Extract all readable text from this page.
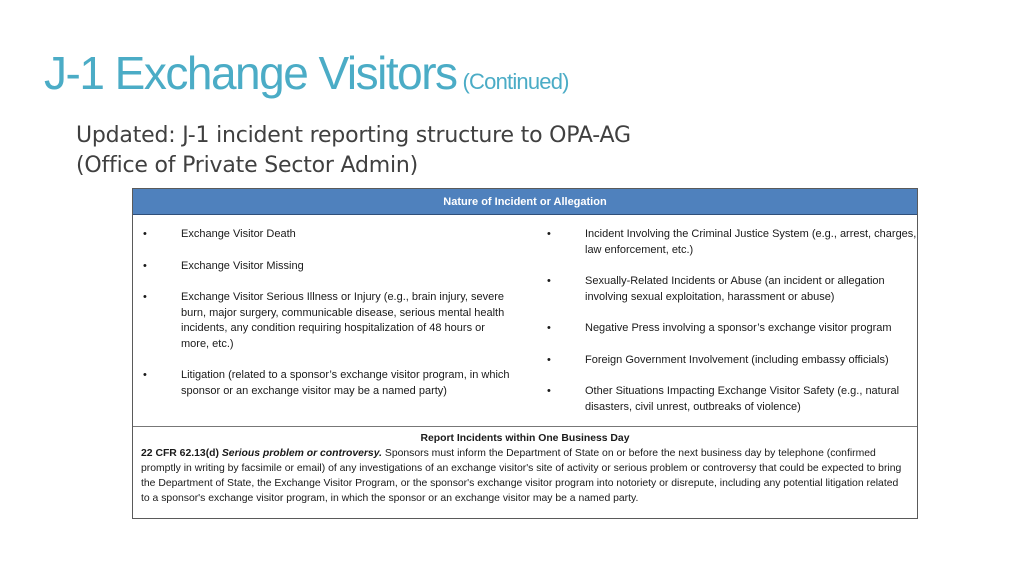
J-1 Exchange Visitors (Continued)
Updated: J-1 incident reporting structure to OPA-AG
(Office of Private Sector Admin)
Nature of Incident or Allegation
•	Exchange Visitor Death
•	Exchange Visitor Missing
•	Exchange Visitor Serious Illness or Injury (e.g., brain injury, severe burn, major surgery, communicable disease, serious mental health incidents, any condition requiring hospitalization of 48 hours or more, etc.)
•	Litigation (related to a sponsor’s exchange visitor program, in which sponsor or an exchange visitor may be a named party)
•	Incident Involving the Criminal Justice System (e.g., arrest, charges, law enforcement, etc.)
•	Sexually-Related Incidents or Abuse (an incident or allegation involving sexual exploitation, harassment or abuse)
•	Negative Press involving a sponsor’s exchange visitor program
•	Foreign Government Involvement (including embassy officials)
•	Other Situations Impacting Exchange Visitor Safety (e.g., natural disasters, civil unrest, outbreaks of violence)
Report Incidents within One Business Day

22 CFR 62.13(d) Serious problem or controversy. Sponsors must inform the Department of State on or before the next business day by telephone (confirmed promptly in writing by facsimile or email) of any investigations of an exchange visitor's site of activity or serious problem or controversy that could be expected to bring the Department of State, the Exchange Visitor Program, or the sponsor's exchange visitor program into notoriety or disrepute, including any potential litigation related to a sponsor's exchange visitor program, in which the sponsor or an exchange visitor may be a named party.
